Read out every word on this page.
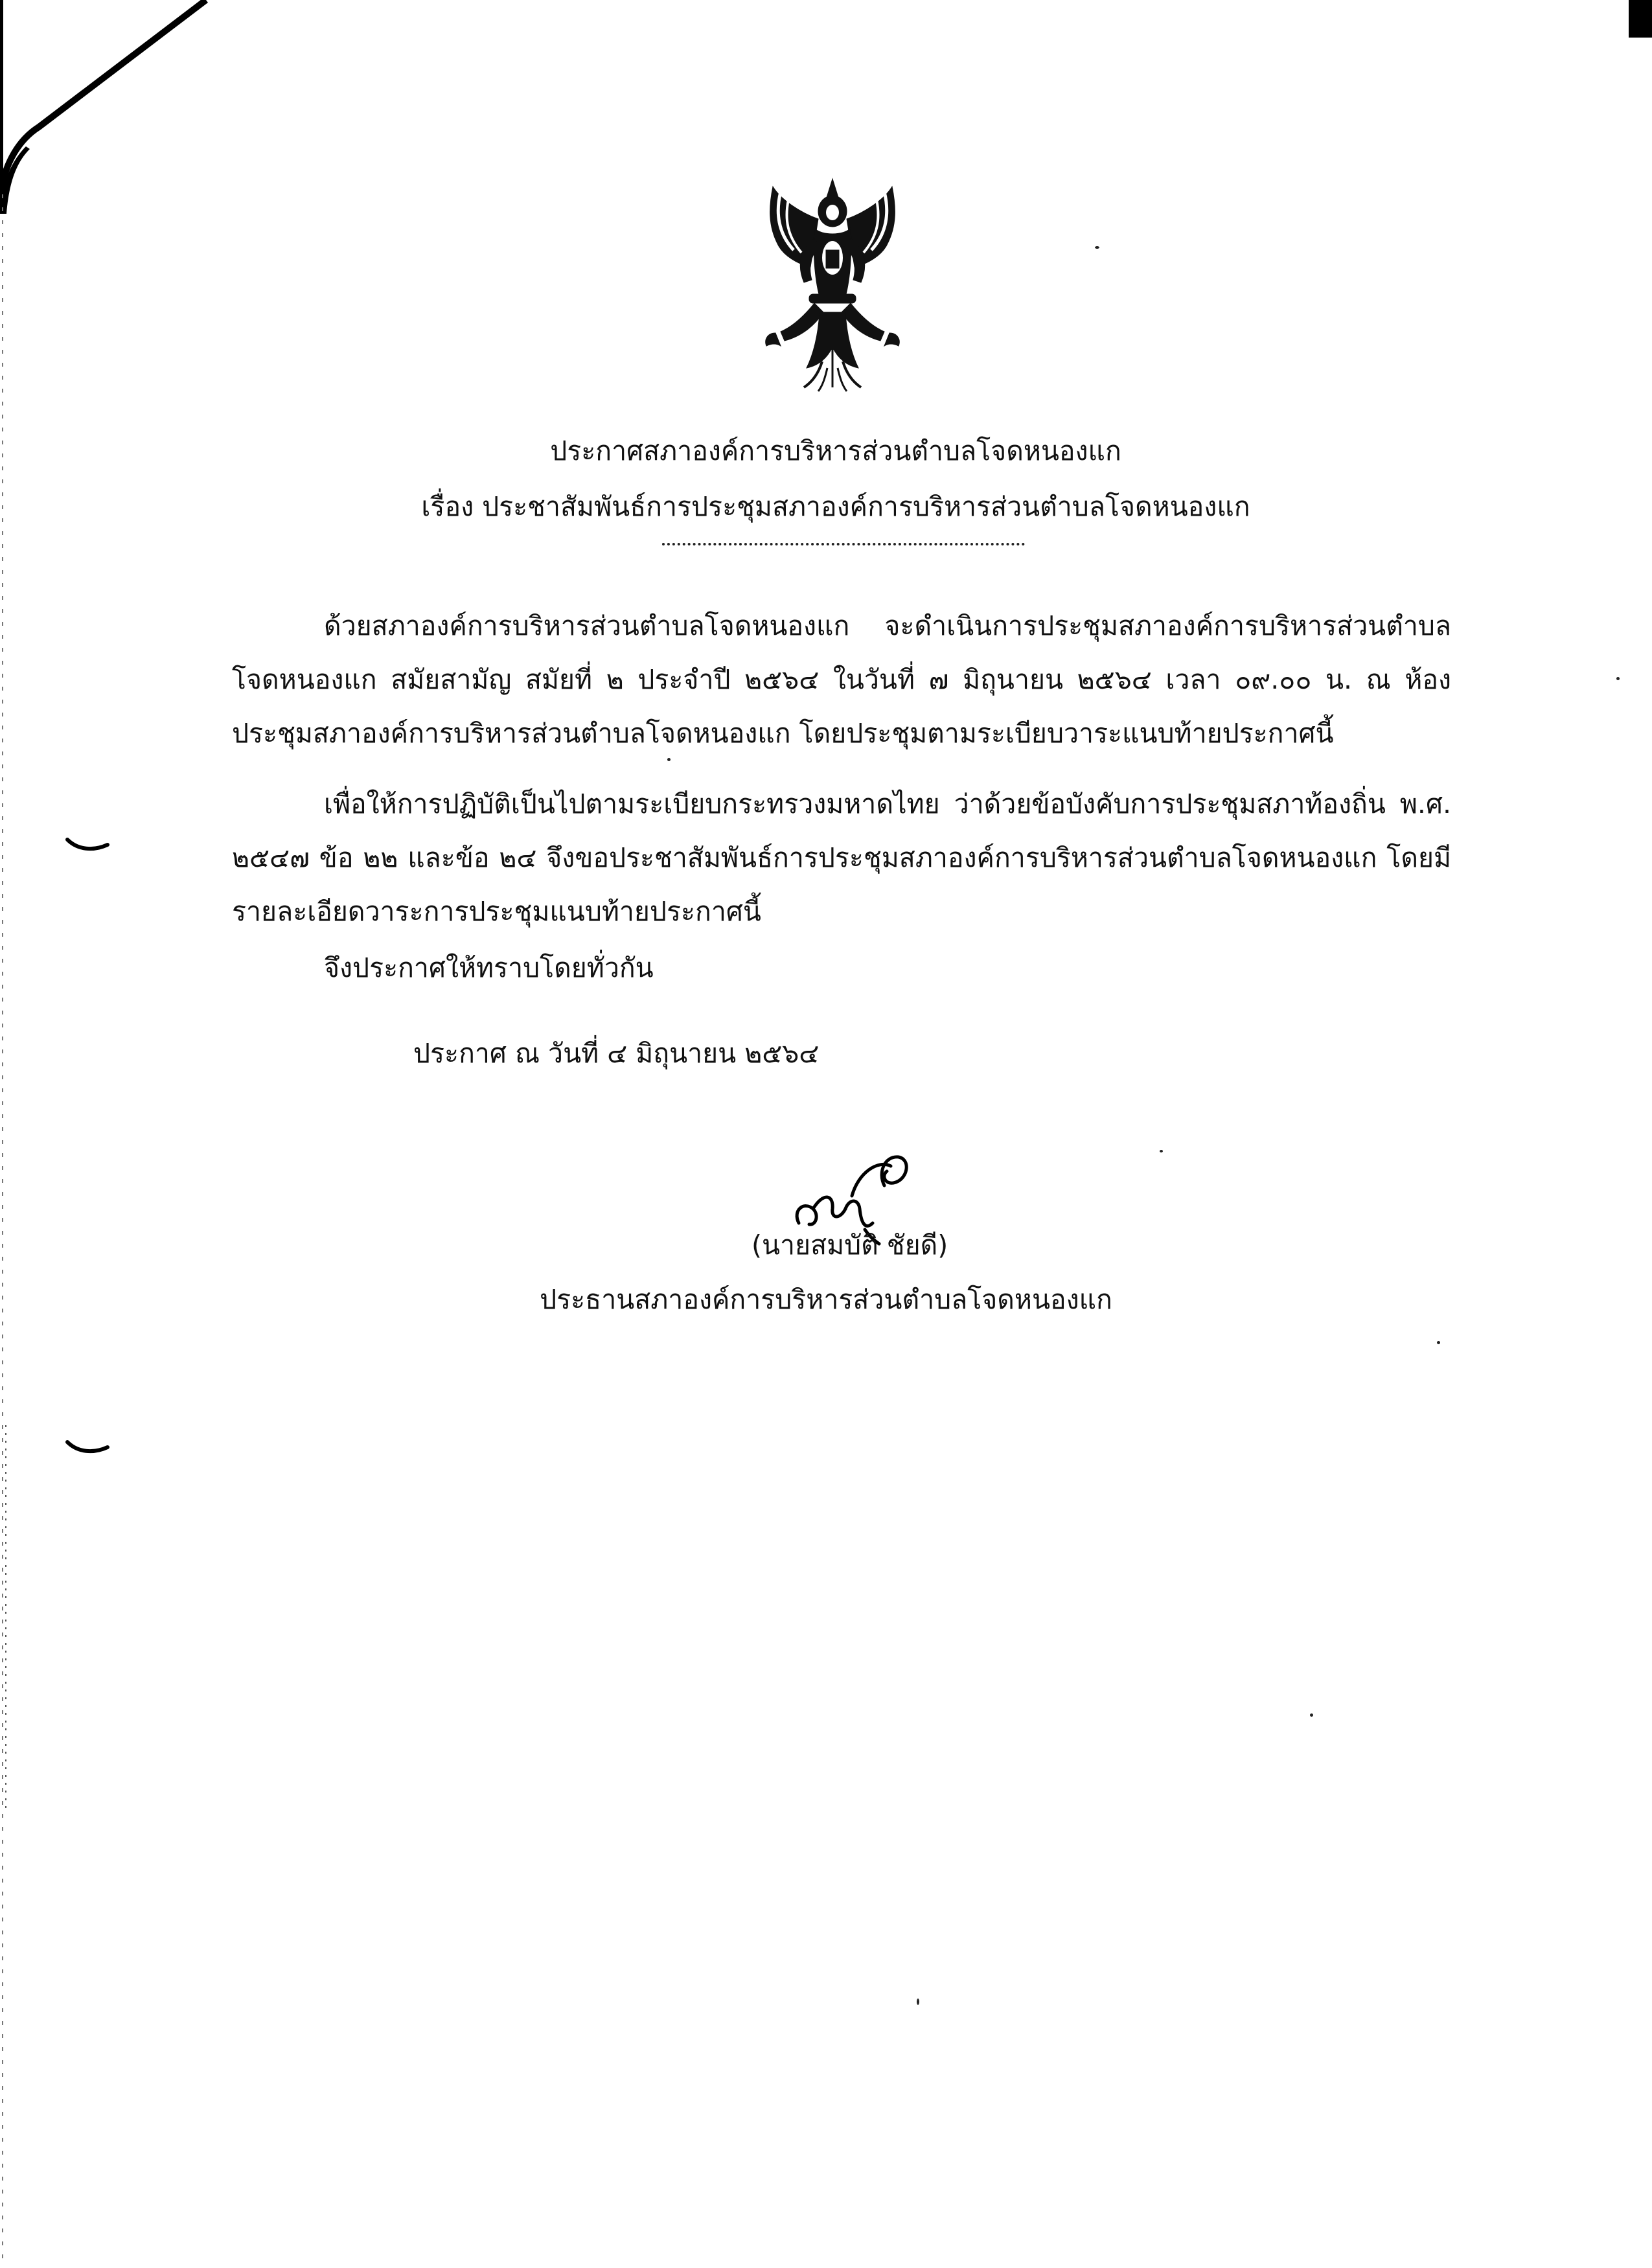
ประกาศสภาองค์การบริหารส่วนตำบลโจดหนองแก
เรื่อง ประชาสัมพันธ์การประชุมสภาองค์การบริหารส่วนตำบลโจดหนองแก
ด้วยสภาองค์การบริหารส่วนตำบลโจดหนองแก จะดำเนินการประชุมสภาองค์การบริหารส่วนตำบลโจดหนองแก สมัยสามัญ สมัยที่ ๒ ประจำปี ๒๕๖๔ ในวันที่ ๗ มิถุนายน ๒๕๖๔ เวลา ๐๙.๐๐ น. ณ ห้องประชุมสภาองค์การบริหารส่วนตำบลโจดหนองแก โดยประชุมตามระเบียบวาระแนบท้ายประกาศนี้
เพื่อให้การปฏิบัติเป็นไปตามระเบียบกระทรวงมหาดไทย ว่าด้วยข้อบังคับการประชุมสภาท้องถิ่น พ.ศ. ๒๕๔๗ ข้อ ๒๒ และข้อ ๒๔ จึงขอประชาสัมพันธ์การประชุมสภาองค์การบริหารส่วนตำบลโจดหนองแก โดยมีรายละเอียดวาระการประชุมแนบท้ายประกาศนี้
จึงประกาศให้ทราบโดยทั่วกัน
ประกาศ ณ วันที่ ๔ มิถุนายน ๒๕๖๔
(นายสมบัติ ชัยดี)
ประธานสภาองค์การบริหารส่วนตำบลโจดหนองแก
